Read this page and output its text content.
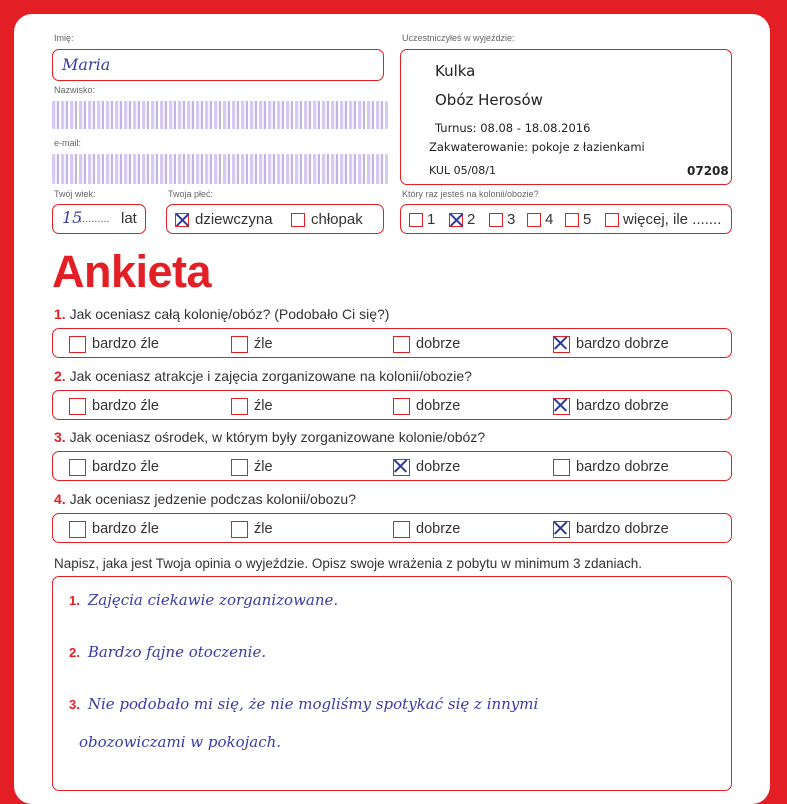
Imię:
Maria
Nazwisko:
e-mail:
Twój wiek:
15
.......... lat
Twoja płeć:
dziewczyna	chłopak
Uczestniczyłeś w wyjeździe:
Kulka
Obóz Herosów
Turnus: 08.08 - 18.08.2016
Zakwaterowanie: pokoje z łazienkami
KUL 05/08/1	07208
Który raz jesteś na kolonii/obozie?
1 2 3 4 5 więcej, ile .......
Ankieta
1. Jak oceniasz całą kolonię/obóz? (Podobało Ci się?)
bardzo źle	źle	dobrze	bardzo dobrze
2. Jak oceniasz atrakcje i zajęcia zorganizowane na kolonii/obozie?
bardzo źle	źle	dobrze	bardzo dobrze
3. Jak oceniasz ośrodek, w którym były zorganizowane kolonie/obóz?
bardzo źle	źle	dobrze	bardzo dobrze
4. Jak oceniasz jedzenie podczas kolonii/obozu?
bardzo źle	źle	dobrze	bardzo dobrze
Napisz, jaka jest Twoja opinia o wyjeździe. Opisz swoje wrażenia z pobytu w minimum 3 zdaniach.
1. Zajęcia ciekawie zorganizowane.
2. Bardzo fajne otoczenie.
3. Nie podobało mi się, że nie mogliśmy spotykać się z innymi
obozowiczami w pokojach.
